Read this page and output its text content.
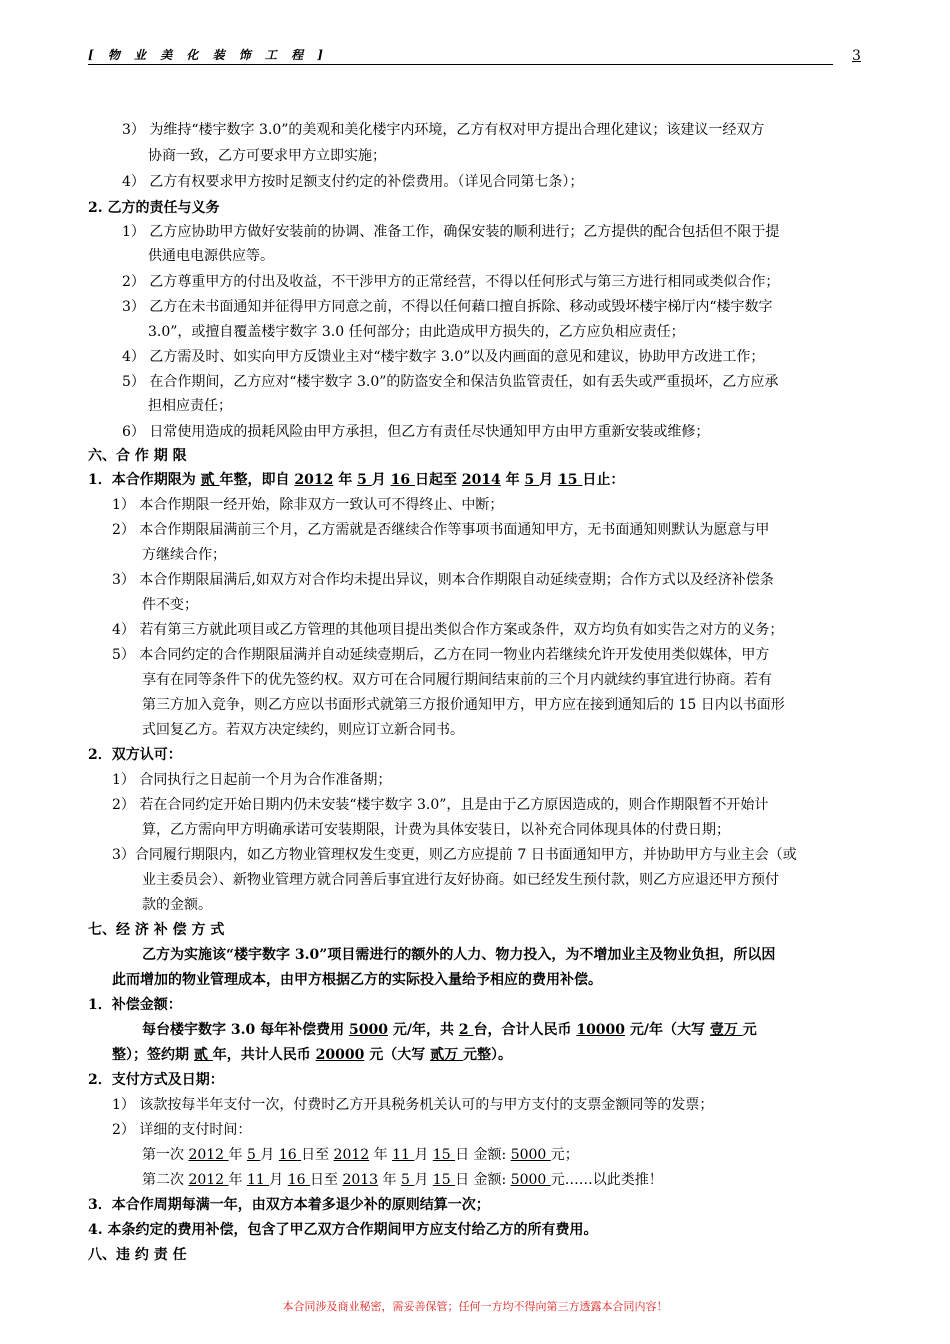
[ 物 业 美 化 装 饰 工 程 ]	3
3） 为维持“楼宇数字 3.0”的美观和美化楼宇内环境，乙方有权对甲方提出合理化建议；该建议一经双方
协商一致，乙方可要求甲方立即实施；
4） 乙方有权要求甲方按时足额支付约定的补偿费用。（详见合同第七条）；
2. 乙方的责任与义务
1） 乙方应协助甲方做好安装前的协调、准备工作，确保安装的顺利进行；乙方提供的配合包括但不限于提
供通电电源供应等。
2） 乙方尊重甲方的付出及收益，不干涉甲方的正常经营，不得以任何形式与第三方进行相同或类似合作；
3） 乙方在未书面通知并征得甲方同意之前，不得以任何藉口擅自拆除、移动或毁坏楼宇梯厅内“楼宇数字
3.0”，或擅自覆盖楼宇数字 3.0 任何部分；由此造成甲方损失的，乙方应负相应责任；
4） 乙方需及时、如实向甲方反馈业主对“楼宇数字 3.0”以及内画面的意见和建议，协助甲方改进工作；
5） 在合作期间，乙方应对“楼宇数字 3.0”的防盗安全和保洁负监管责任，如有丢失或严重损坏，乙方应承
担相应责任；
6） 日常使用造成的损耗风险由甲方承担，但乙方有责任尽快通知甲方由甲方重新安装或维修；
六、合 作 期 限
1．本合作期限为 贰 年整，即自 2012 年 5 月 16 日起至 2014 年 5 月 15 日止：
1） 本合作期限一经开始，除非双方一致认可不得终止、中断；
2） 本合作期限届满前三个月，乙方需就是否继续合作等事项书面通知甲方，无书面通知则默认为愿意与甲
方继续合作；
3） 本合作期限届满后,如双方对合作均未提出异议，则本合作期限自动延续壹期；合作方式以及经济补偿条
件不变；
4） 若有第三方就此项目或乙方管理的其他项目提出类似合作方案或条件，双方均负有如实告之对方的义务；
5） 本合同约定的合作期限届满并自动延续壹期后，乙方在同一物业内若继续允许开发使用类似媒体，甲方
享有在同等条件下的优先签约权。双方可在合同履行期间结束前的三个月内就续约事宜进行协商。若有
第三方加入竞争，则乙方应以书面形式就第三方报价通知甲方，甲方应在接到通知后的 15 日内以书面形
式回复乙方。若双方决定续约，则应订立新合同书。
2．双方认可：
1） 合同执行之日起前一个月为合作准备期；
2） 若在合同约定开始日期内仍未安装“楼宇数字 3.0”，且是由于乙方原因造成的，则合作期限暂不开始计
算，乙方需向甲方明确承诺可安装期限，计费为具体安装日，以补充合同体现具体的付费日期；
3）合同履行期限内，如乙方物业管理权发生变更，则乙方应提前 7 日书面通知甲方，并协助甲方与业主会（或
业主委员会）、新物业管理方就合同善后事宜进行友好协商。如已经发生预付款，则乙方应退还甲方预付
款的金额。
七、经 济 补 偿 方 式
乙方为实施该“楼宇数字 3.0”项目需进行的额外的人力、物力投入，为不增加业主及物业负担，所以因
此而增加的物业管理成本，由甲方根据乙方的实际投入量给予相应的费用补偿。
1．补偿金额：
每台楼宇数字 3.0 每年补偿费用 5000 元/年，共 2 台，合计人民币 10000 元/年（大写 壹万 元
整）；签约期 贰 年，共计人民币 20000 元（大写 贰万 元整）。
2．支付方式及日期：
1） 该款按每半年支付一次，付费时乙方开具税务机关认可的与甲方支付的支票金额同等的发票；
2） 详细的支付时间：
第一次 2012 年 5 月 16 日至 2012 年 11 月 15 日 金额: 5000 元；
第二次 2012 年 11 月 16 日至 2013 年 5 月 15 日 金额: 5000 元……以此类推！
3．本合作周期每满一年，由双方本着多退少补的原则结算一次；
4. 本条约定的费用补偿，包含了甲乙双方合作期间甲方应支付给乙方的所有费用。
八、违 约 责 任
本合同涉及商业秘密，需妥善保管；任何一方均不得向第三方透露本合同内容！
